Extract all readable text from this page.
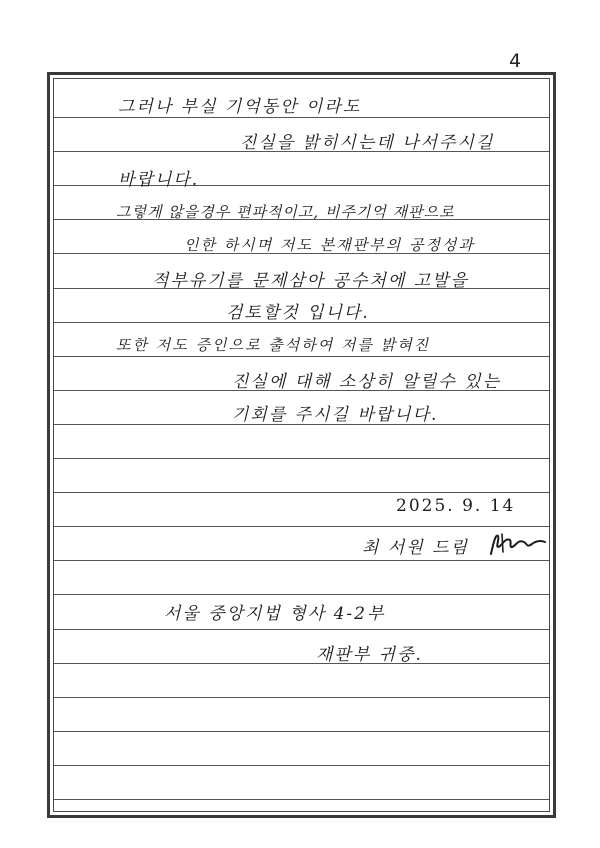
4
그러나 부실 기억동안 이라도
진실을 밝히시는데 나서주시길
바랍니다.
그렇게 않을경우 편파적이고, 비주기억 재판으로
인한 하시며 저도 본재판부의 공정성과
적부유기를 문제삼아 공수처에 고발을
검토할것 입니다.
또한 저도 증인으로 출석하여 저를 밝혀진
진실에 대해 소상히 알릴수 있는
기회를 주시길 바랍니다.
2025. 9. 14
최 서원 드림
서울 중앙지법 형사 4-2부
재판부 귀중.
